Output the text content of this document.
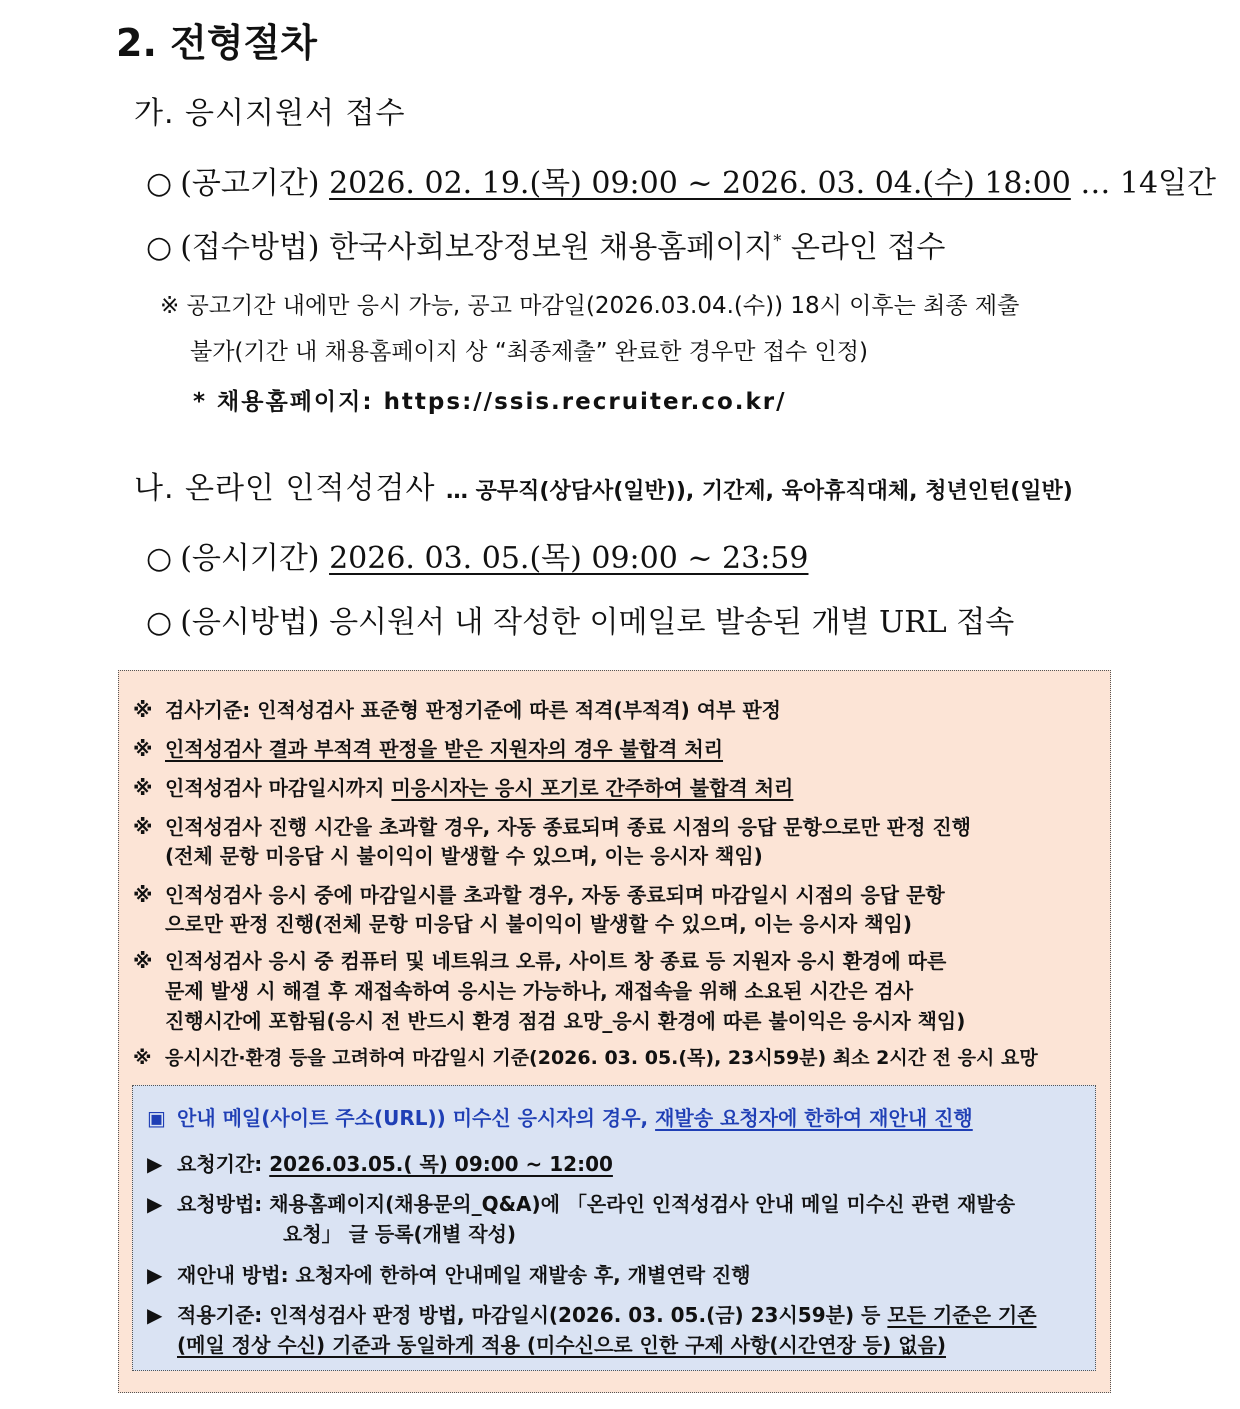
2. 전형절차
가. 응시지원서 접수
○ (공고기간) 2026. 02. 19.(목) 09:00 ~ 2026. 03. 04.(수) 18:00 … 14일간
○ (접수방법) 한국사회보장정보원 채용홈페이지* 온라인 접수
※ 공고기간 내에만 응시 가능, 공고 마감일(2026.03.04.(수)) 18시 이후는 최종 제출
불가(기간 내 채용홈페이지 상 “최종제출” 완료한 경우만 접수 인정)
* 채용홈페이지: https://ssis.recruiter.co.kr/
나. 온라인 인적성검사 … 공무직(상담사(일반)), 기간제, 육아휴직대체, 청년인턴(일반)
○ (응시기간) 2026. 03. 05.(목) 09:00 ~ 23:59
○ (응시방법) 응시원서 내 작성한 이메일로 발송된 개별 URL 접속
※ 검사기준: 인적성검사 표준형 판정기준에 따른 적격(부적격) 여부 판정
※ 인적성검사 결과 부적격 판정을 받은 지원자의 경우 불합격 처리
※ 인적성검사 마감일시까지 미응시자는 응시 포기로 간주하여 불합격 처리
※ 인적성검사 진행 시간을 초과할 경우, 자동 종료되며 종료 시점의 응답 문항으로만 판정 진행
(전체 문항 미응답 시 불이익이 발생할 수 있으며, 이는 응시자 책임)
※ 인적성검사 응시 중에 마감일시를 초과할 경우, 자동 종료되며 마감일시 시점의 응답 문항
으로만 판정 진행(전체 문항 미응답 시 불이익이 발생할 수 있으며, 이는 응시자 책임)
※ 인적성검사 응시 중 컴퓨터 및 네트워크 오류, 사이트 창 종료 등 지원자 응시 환경에 따른
문제 발생 시 해결 후 재접속하여 응시는 가능하나, 재접속을 위해 소요된 시간은 검사
진행시간에 포함됨(응시 전 반드시 환경 점검 요망_응시 환경에 따른 불이익은 응시자 책임)
※ 응시시간·환경 등을 고려하여 마감일시 기준(2026. 03. 05.(목), 23시59분) 최소 2시간 전 응시 요망
▣ 안내 메일(사이트 주소(URL)) 미수신 응시자의 경우, 재발송 요청자에 한하여 재안내 진행
▶ 요청기간: 2026.03.05.( 목) 09:00 ~ 12:00
▶ 요청방법: 채용홈페이지(채용문의_Q&A)에 「온라인 인적성검사 안내 메일 미수신 관련 재발송
요청」 글 등록(개별 작성)
▶ 재안내 방법: 요청자에 한하여 안내메일 재발송 후, 개별연락 진행
▶ 적용기준: 인적성검사 판정 방법, 마감일시(2026. 03. 05.(금) 23시59분) 등 모든 기준은 기존
(메일 정상 수신) 기준과 동일하게 적용 (미수신으로 인한 구제 사항(시간연장 등) 없음)
